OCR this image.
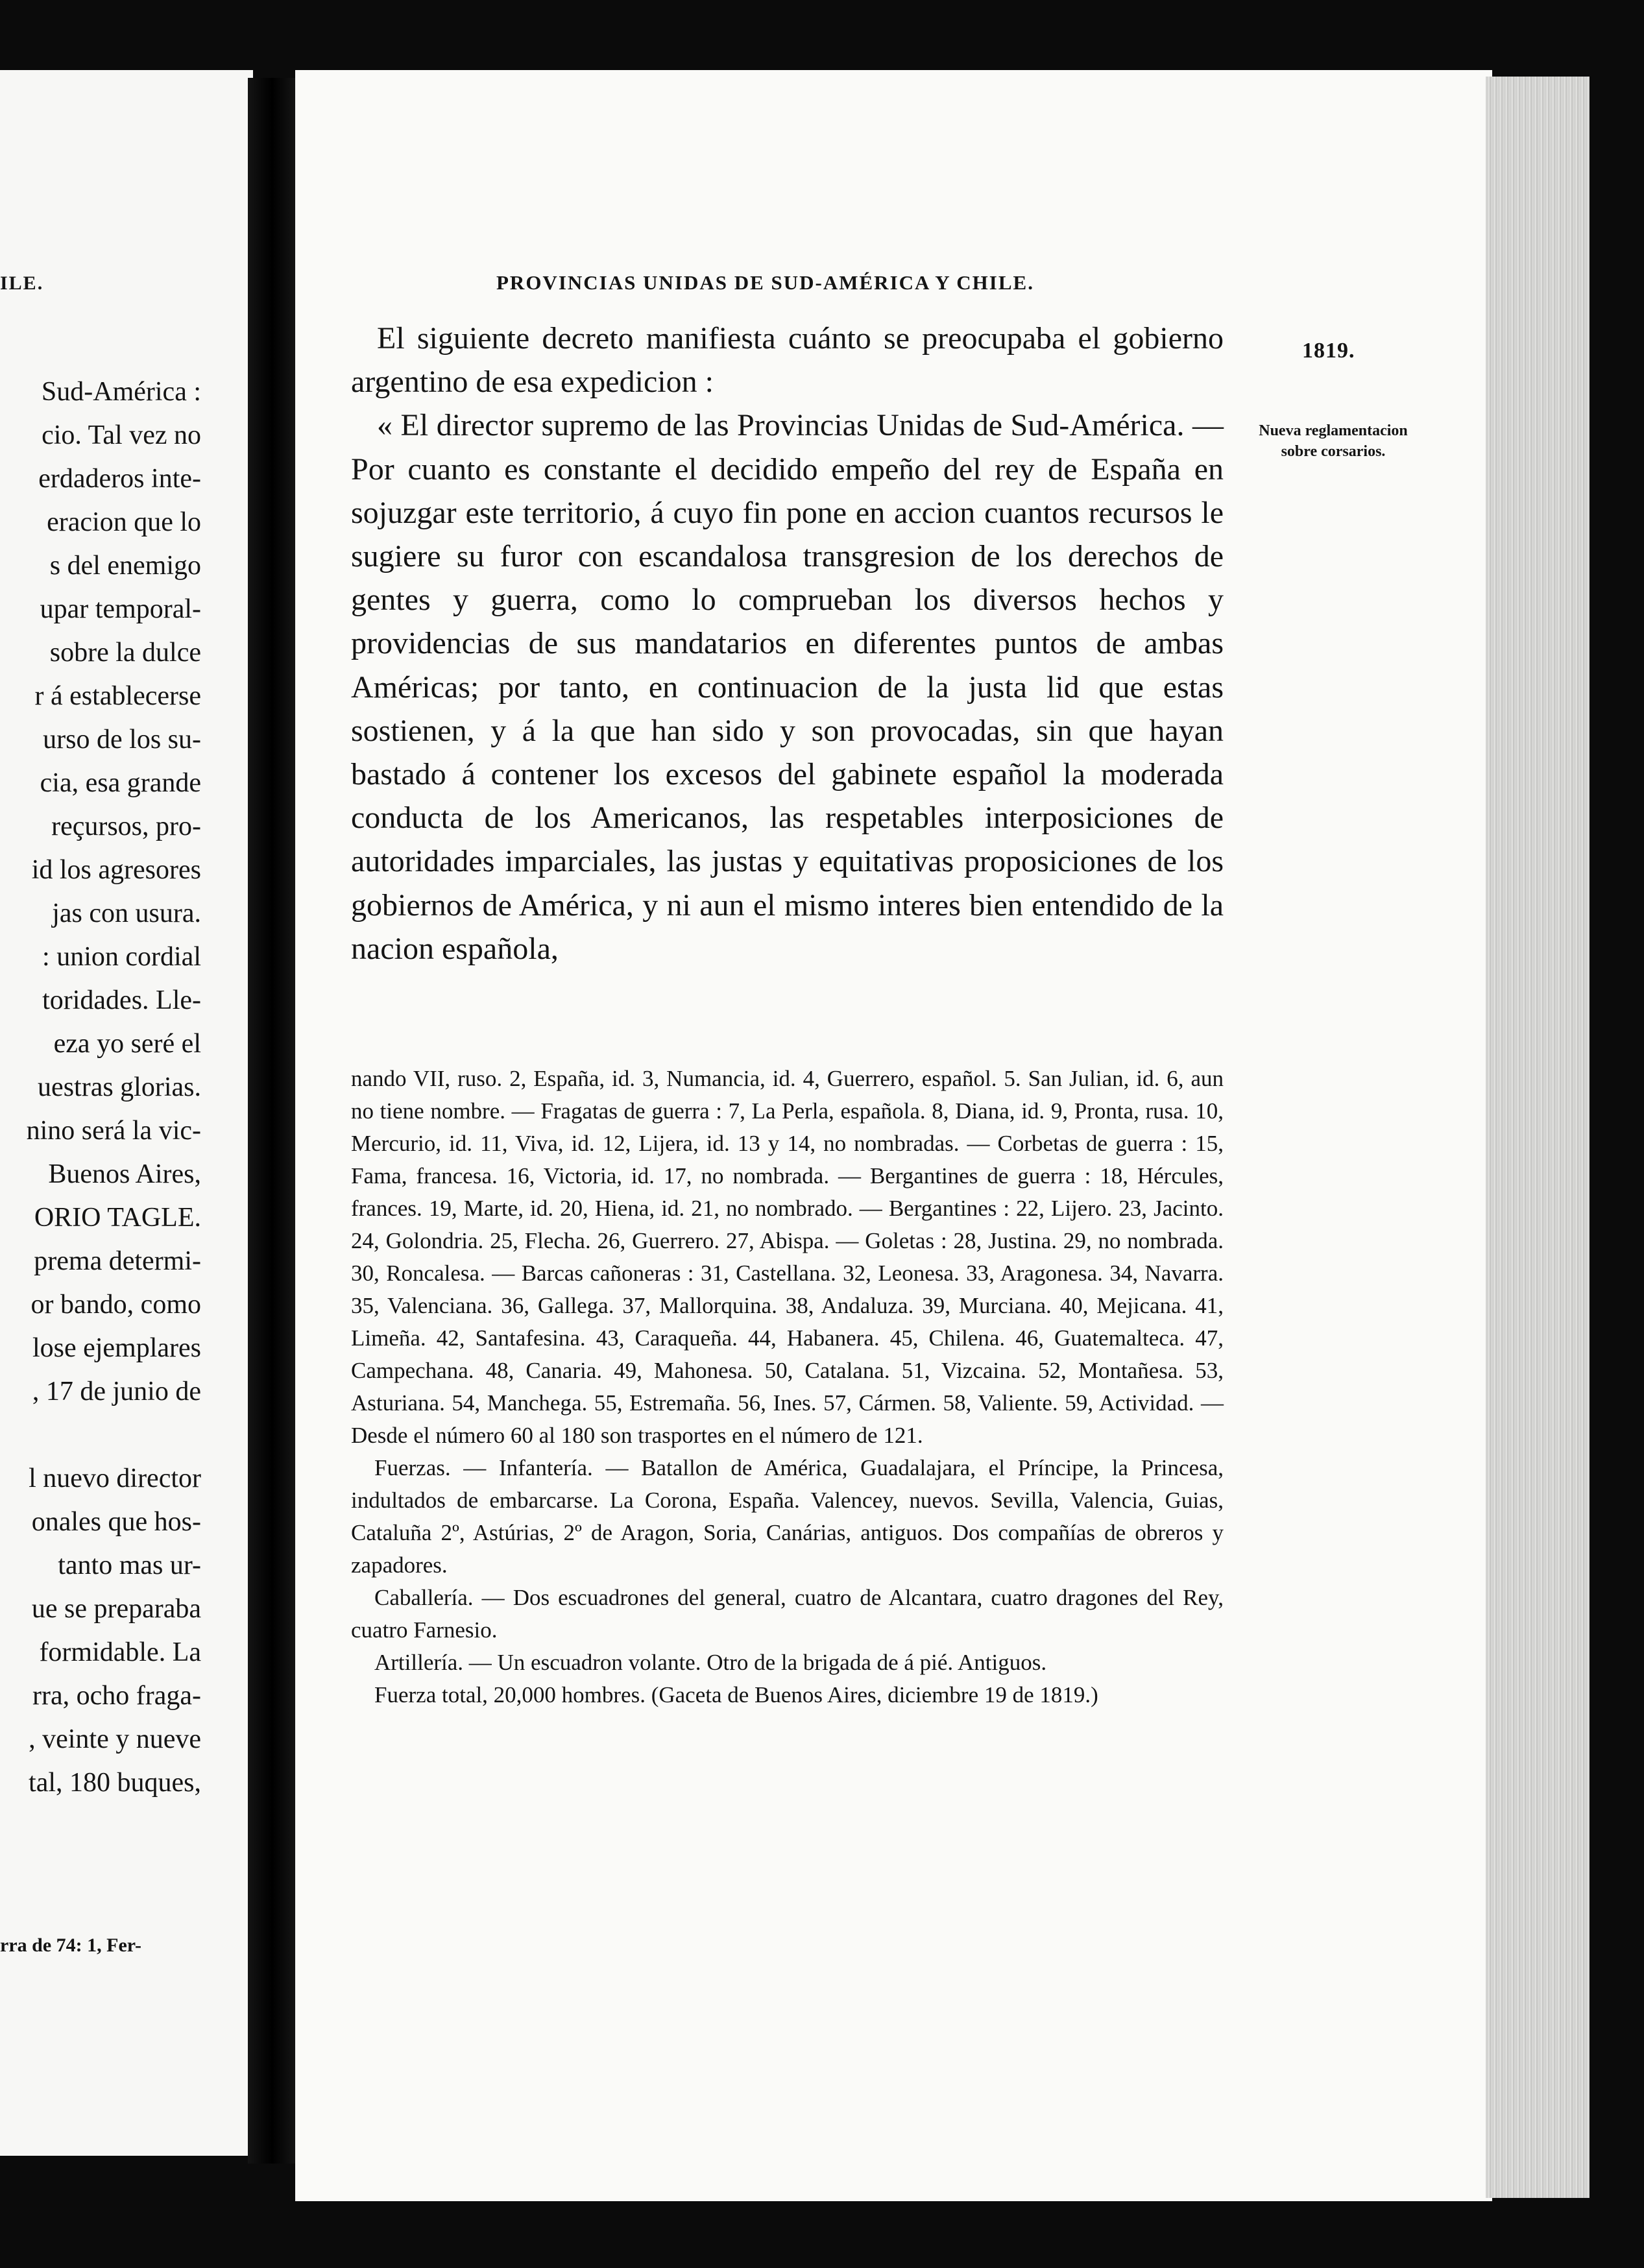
ILE.
Sud-América :
cio. Tal vez no
erdaderos inte-
eracion que lo
s del enemigo
upar temporal-
sobre la dulce
r á establecerse
urso de los su-
cia, esa grande
reçursos, pro-
id los agresores
jas con usura.
: union cordial
toridades. Lle-
eza yo seré el
uestras glorias.
nino será la vic-
Buenos Aires,
ORIO TAGLE.
prema determi-
or bando, como
lose ejemplares
, 17 de junio de

l nuevo director
onales que hos-
tanto mas ur-
ue se preparaba
formidable. La
rra, ocho fraga-
, veinte y nueve
tal, 180 buques,
rra de 74: 1, Fer-
PROVINCIAS UNIDAS DE SUD-AMÉRICA Y CHILE.

El siguiente decreto manifiesta cuánto se preocupaba el gobierno argentino de esa expedicion :

« El director supremo de las Provincias Unidas de Sud-América. — Por cuanto es constante el decidido empeño del rey de España en sojuzgar este territorio, á cuyo fin pone en accion cuantos recursos le sugiere su furor con escandalosa transgresion de los derechos de gentes y guerra, como lo comprueban los diversos hechos y providencias de sus mandatarios en diferentes puntos de ambas Américas; por tanto, en continuacion de la justa lid que estas sostienen, y á la que han sido y son provocadas, sin que hayan bastado á contener los excesos del gabinete español la moderada conducta de los Americanos, las respetables interposiciones de autoridades imparciales, las justas y equitativas proposiciones de los gobiernos de América, y ni aun el mismo interes bien entendido de la nacion española,

1819.
Nueva reglamentacion sobre corsarios.

nando VII, ruso. 2, España, id. 3, Numancia, id. 4, Guerrero, español. 5. San Julian, id. 6, aun no tiene nombre. — Fragatas de guerra : 7, La Perla, española. 8, Diana, id. 9, Pronta, rusa. 10, Mercurio, id. 11, Viva, id. 12, Lijera, id. 13 y 14, no nombradas. — Corbetas de guerra : 15, Fama, francesa. 16, Victoria, id. 17, no nombrada. — Bergantines de guerra : 18, Hércules, frances. 19, Marte, id. 20, Hiena, id. 21, no nombrado. — Bergantines : 22, Lijero. 23, Jacinto. 24, Golondria. 25, Flecha. 26, Guerrero. 27, Abispa. — Goletas : 28, Justina. 29, no nombrada. 30, Roncalesa. — Barcas cañoneras : 31, Castellana. 32, Leonesa. 33, Aragonesa. 34, Navarra. 35, Valenciana. 36, Gallega. 37, Mallorquina. 38, Andaluza. 39, Murciana. 40, Mejicana. 41, Limeña. 42, Santafesina. 43, Caraqueña. 44, Habanera. 45, Chilena. 46, Guatemalteca. 47, Campechana. 48, Canaria. 49, Mahonesa. 50, Catalana. 51, Vizcaina. 52, Montañesa. 53, Asturiana. 54, Manchega. 55, Estremaña. 56, Ines. 57, Cármen. 58, Valiente. 59, Actividad. — Desde el número 60 al 180 son trasportes en el número de 121.

Fuerzas. — Infantería. — Batallon de América, Guadalajara, el Príncipe, la Princesa, indultados de embarcarse. La Corona, España. Valencey, nuevos. Sevilla, Valencia, Guias, Cataluña 2º, Astúrias, 2º de Aragon, Soria, Canárias, antiguos. Dos compañías de obreros y zapadores.

Caballería. — Dos escuadrones del general, cuatro de Alcantara, cuatro dragones del Rey, cuatro Farnesio.

Artillería. — Un escuadron volante. Otro de la brigada de á pié. Antiguos.

Fuerza total, 20,000 hombres. (Gaceta de Buenos Aires, diciembre 19 de 1819.)
